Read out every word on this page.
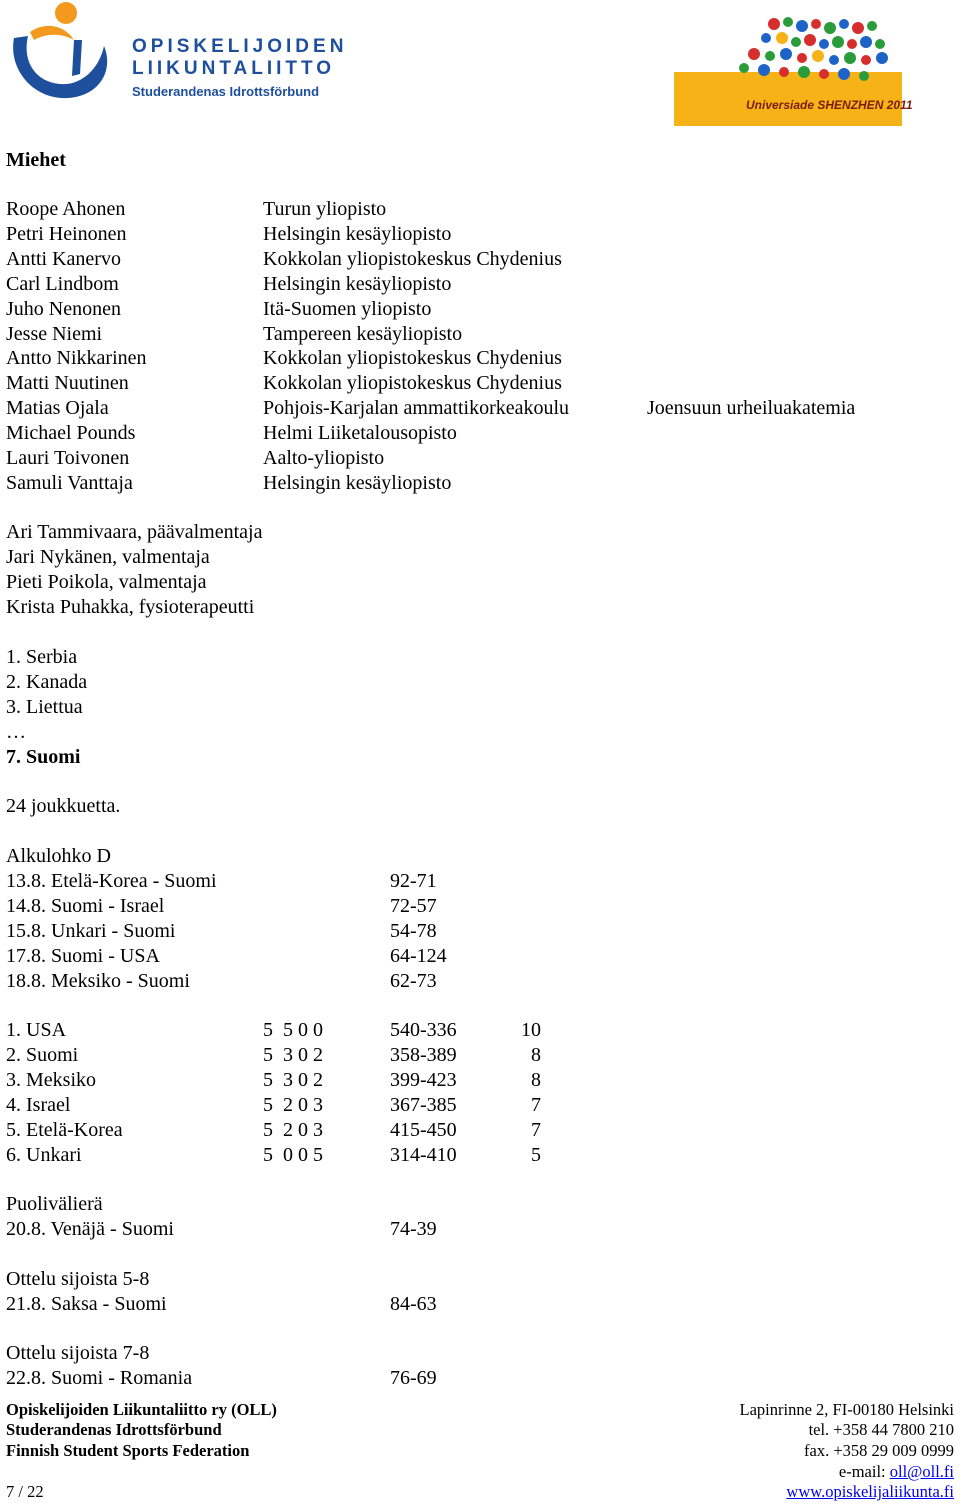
OPISKELIJOIDEN
LIIKUNTALIITTO
Studerandenas Idrottsförbund
Universiade SHENZHEN 2011
Miehet
Roope Ahonen	Turun yliopisto
Petri Heinonen	Helsingin kesäyliopisto
Antti Kanervo	Kokkolan yliopistokeskus Chydenius
Carl Lindbom	Helsingin kesäyliopisto
Juho Nenonen	Itä-Suomen yliopisto
Jesse Niemi	Tampereen kesäyliopisto
Antto Nikkarinen	Kokkolan yliopistokeskus Chydenius
Matti Nuutinen	Kokkolan yliopistokeskus Chydenius
Matias Ojala	Pohjois-Karjalan ammattikorkeakoulu	Joensuun urheiluakatemia
Michael Pounds	Helmi Liiketalousopisto
Lauri Toivonen	Aalto-yliopisto
Samuli Vanttaja	Helsingin kesäyliopisto
Ari Tammivaara, päävalmentaja
Jari Nykänen, valmentaja
Pieti Poikola, valmentaja
Krista Puhakka, fysioterapeutti
1. Serbia
2. Kanada
3. Liettua
…
7. Suomi
24 joukkuetta.
Alkulohko D
13.8. Etelä-Korea - Suomi	92-71
14.8. Suomi - Israel	72-57
15.8. Unkari - Suomi	54-78
17.8. Suomi - USA	64-124
18.8. Meksiko - Suomi	62-73
1. USA	5  5 0 0	540-336	10
2. Suomi	5  3 0 2	358-389	8
3. Meksiko	5  3 0 2	399-423	8
4. Israel	5  2 0 3	367-385	7
5. Etelä-Korea	5  2 0 3	415-450	7
6. Unkari	5  0 0 5	314-410	5
Puolivälierä
20.8. Venäjä - Suomi	74-39
Ottelu sijoista 5-8
21.8. Saksa - Suomi	84-63
Ottelu sijoista 7-8
22.8. Suomi - Romania	76-69
Opiskelijoiden Liikuntaliitto ry (OLL)
Studerandenas Idrottsförbund
Finnish Student Sports Federation
7 / 22
Lapinrinne 2, FI-00180 Helsinki
tel. +358 44 7800 210
fax. +358 29 009 0999
e-mail: oll@oll.fi
www.opiskelijaliikunta.fi
